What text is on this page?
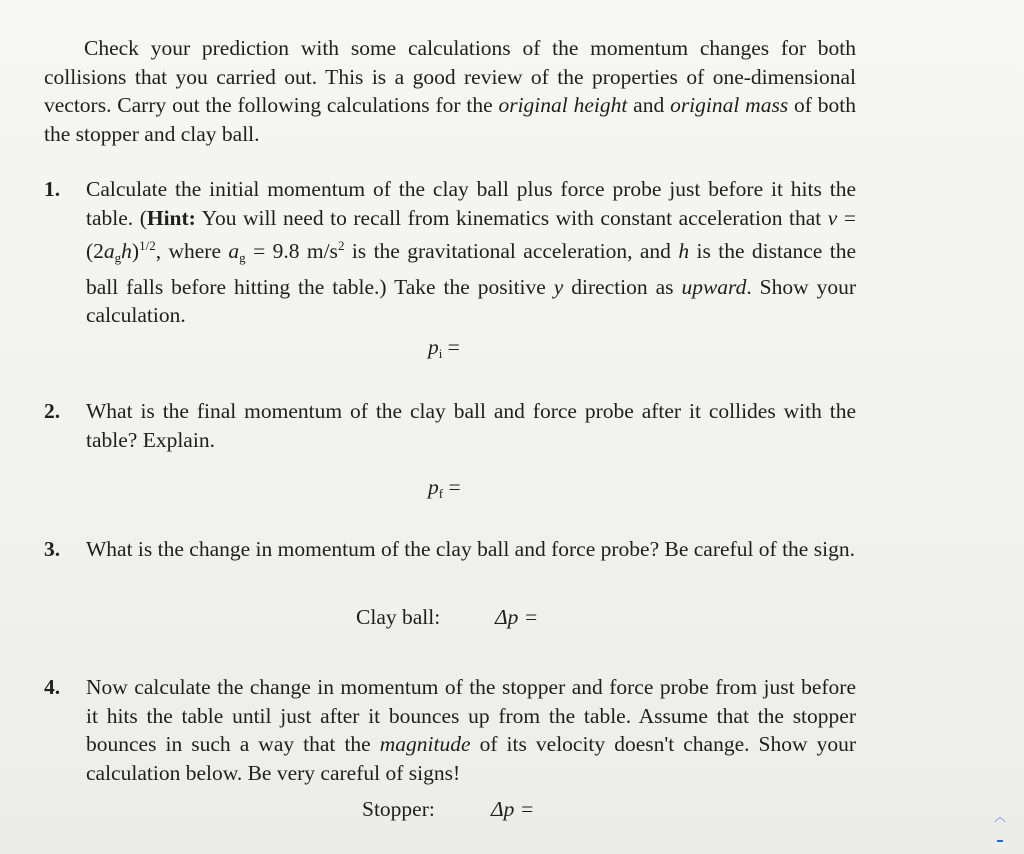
Check your prediction with some calculations of the momentum changes for both collisions that you carried out. This is a good review of the properties of one-dimensional vectors. Carry out the following calculations for the original height and original mass of both the stopper and clay ball.

1.	Calculate the initial momentum of the clay ball plus force probe just before it hits the table. (Hint: You will need to recall from kinematics with constant acceleration that $v = (2a_gh)^{1/2}$, where $a_g = 9.8$ $m/s^2$ is the gravitational acceleration, and h is the distance the ball falls before hitting the table.) Take the positive y direction as upward. Show your calculation.

$p_i$ =
2.	What is the final momentum of the clay ball and force probe after it collides with the table? Explain.

$p_f$ =
3.	What is the change in momentum of the clay ball and force probe? Be careful of the sign.

Clay ball:	Δp =
4.	Now calculate the change in momentum of the stopper and force probe from just before it hits the table until just after it bounces up from the table. Assume that the stopper bounces in such a way that the magnitude of its velocity doesn't change. Show your calculation below. Be very careful of signs!

Stopper:	Δp =	︿
